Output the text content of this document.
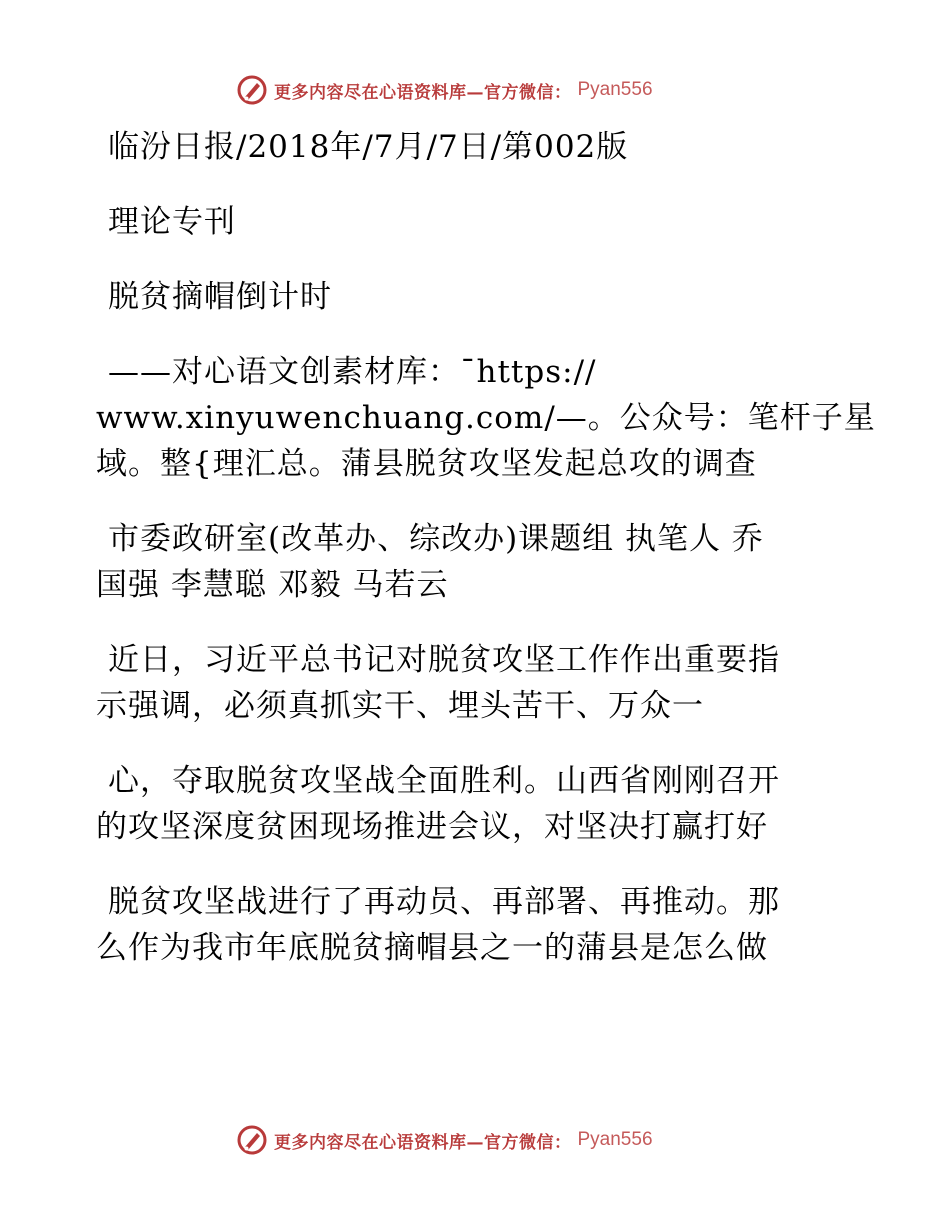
更多内容尽在心语资料库—官方微信： Pyan556
临汾日报/2018年/7月/7日/第002版
理论专刊
脱贫摘帽倒计时
——对心语文创素材库：¯https://
www.xinyuwenchuang.com/—。公众号：笔杆子星
域。整{理汇总。蒲县脱贫攻坚发起总攻的调查
市委政研室(改革办、综改办)课题组 执笔人 乔
国强 李慧聪 邓毅 马若云
近日，习近平总书记对脱贫攻坚工作作出重要指
示强调，必须真抓实干、埋头苦干、万众一
心，夺取脱贫攻坚战全面胜利。山西省刚刚召开
的攻坚深度贫困现场推进会议，对坚决打赢打好
脱贫攻坚战进行了再动员、再部署、再推动。那
么作为我市年底脱贫摘帽县之一的蒲县是怎么做
更多内容尽在心语资料库—官方微信： Pyan556
